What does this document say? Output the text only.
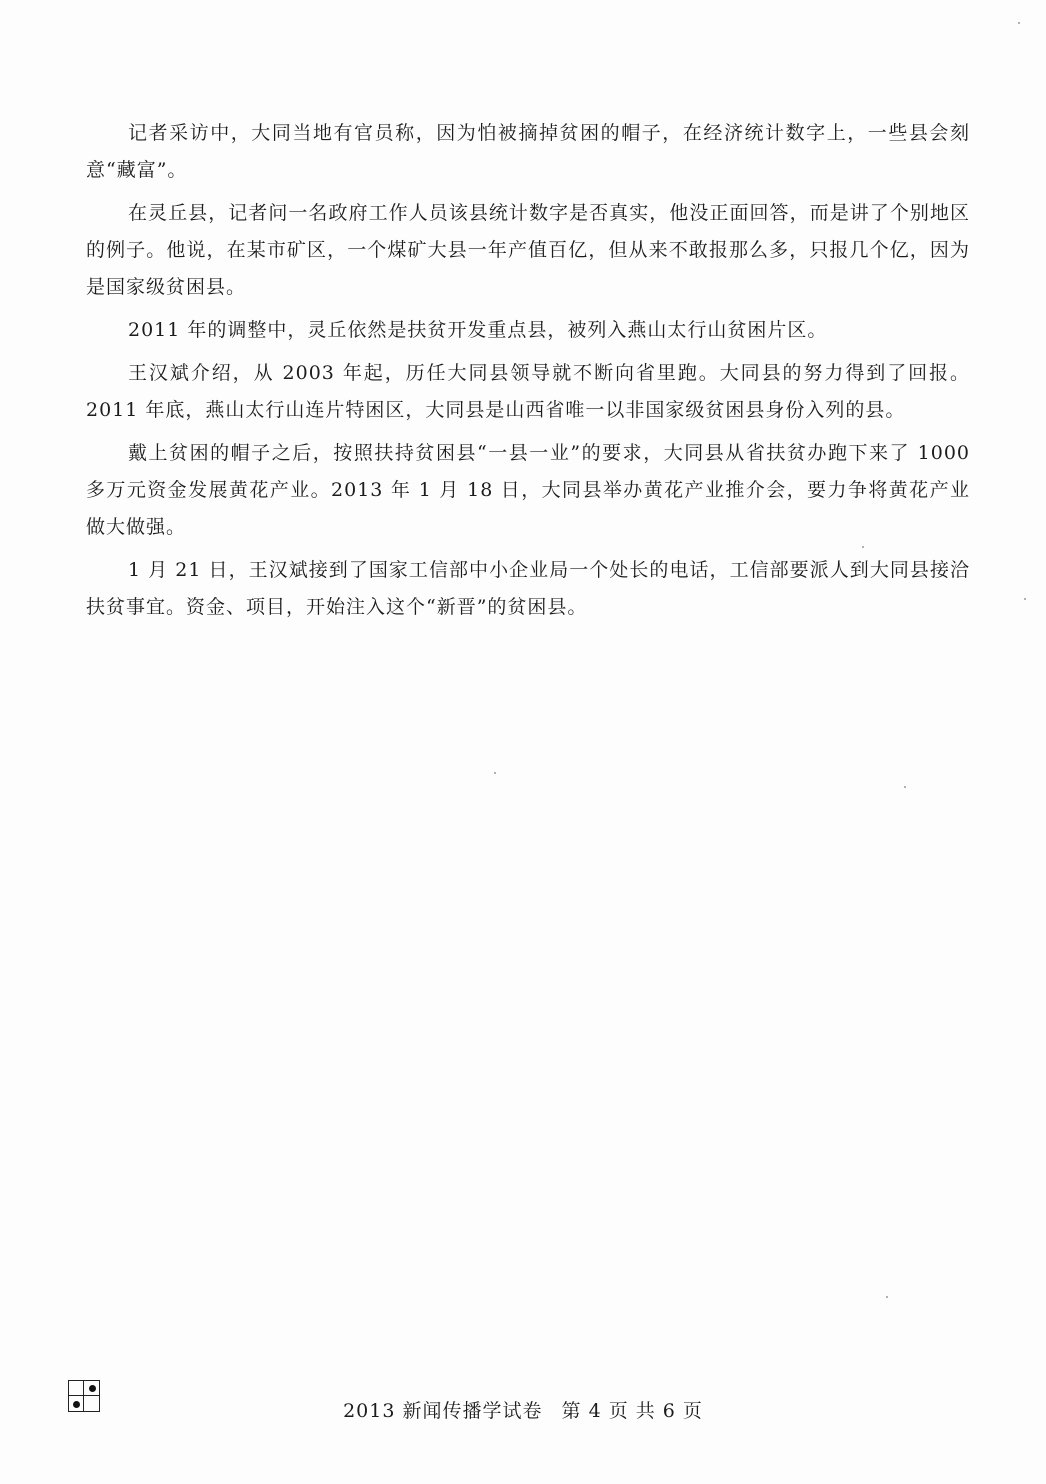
记者采访中，大同当地有官员称，因为怕被摘掉贫困的帽子，在经济统计数字上，一些县会刻意“藏富”。

在灵丘县，记者问一名政府工作人员该县统计数字是否真实，他没正面回答，而是讲了个别地区的例子。他说，在某市矿区，一个煤矿大县一年产值百亿，但从来不敢报那么多，只报几个亿，因为是国家级贫困县。

2011 年的调整中，灵丘依然是扶贫开发重点县，被列入燕山太行山贫困片区。

王汉斌介绍，从 2003 年起，历任大同县领导就不断向省里跑。大同县的努力得到了回报。2011 年底，燕山太行山连片特困区，大同县是山西省唯一以非国家级贫困县身份入列的县。

戴上贫困的帽子之后，按照扶持贫困县“一县一业”的要求，大同县从省扶贫办跑下来了 1000 多万元资金发展黄花产业。2013 年 1 月 18 日，大同县举办黄花产业推介会，要力争将黄花产业做大做强。

1 月 21 日，王汉斌接到了国家工信部中小企业局一个处长的电话，工信部要派人到大同县接洽扶贫事宜。资金、项目，开始注入这个“新晋”的贫困县。

2013 新闻传播学试卷 第 4 页 共 6 页
